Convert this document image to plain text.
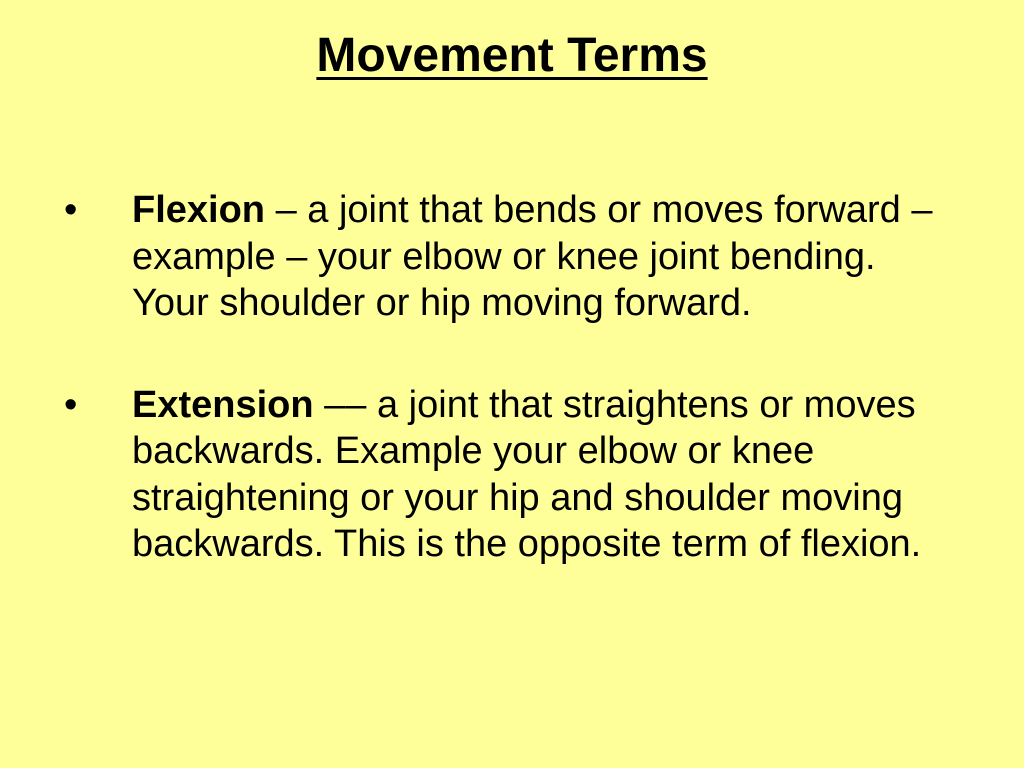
Movement Terms
• Flexion – a joint that bends or moves forward – example – your elbow or knee joint bending. Your shoulder or hip moving forward.
• Extension –– a joint that straightens or moves backwards. Example your elbow or knee straightening or your hip and shoulder moving backwards. This is the opposite term of flexion.
